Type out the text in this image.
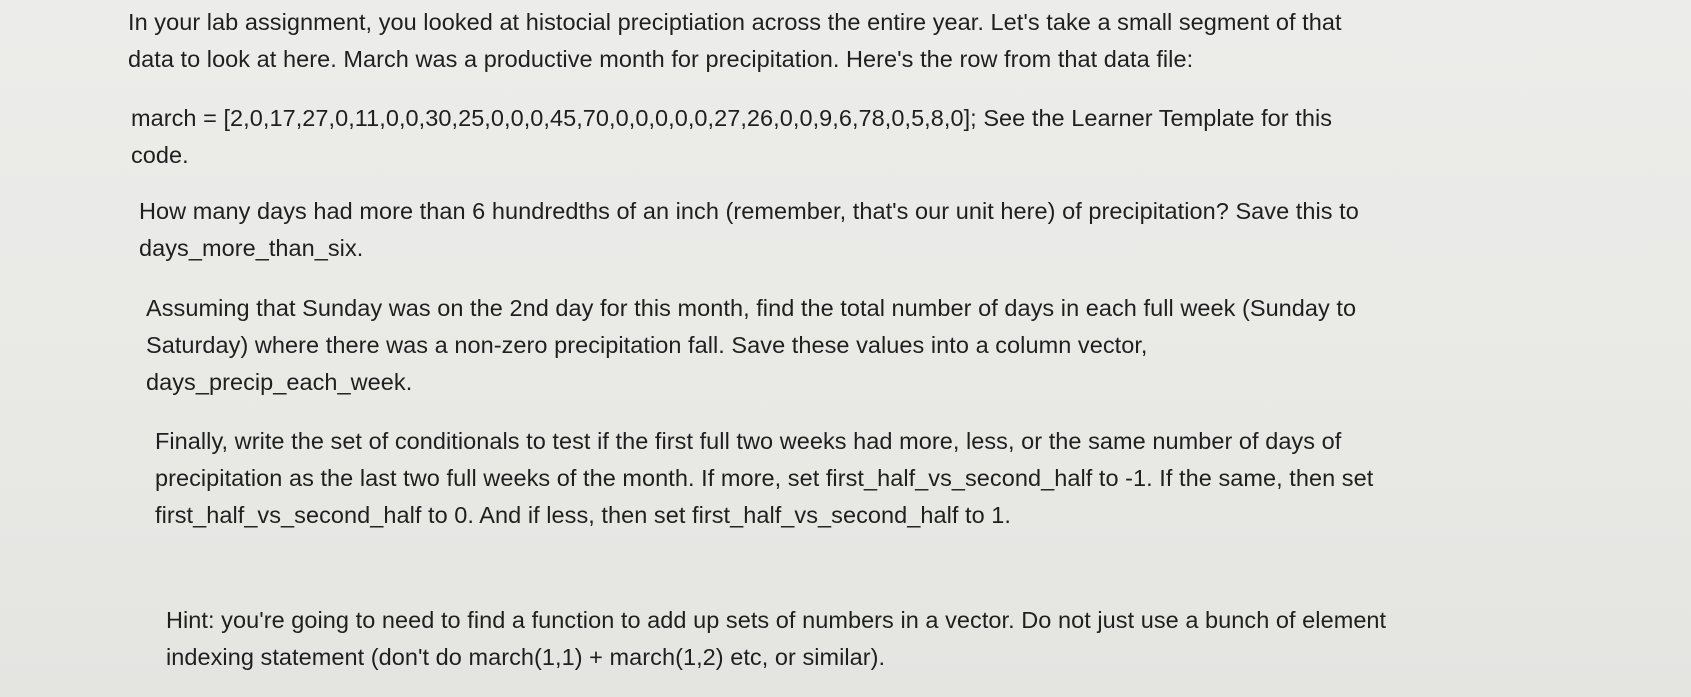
In your lab assignment, you looked at histocial preciptiation across the entire year. Let's take a small segment of that
data to look at here. March was a productive month for precipitation. Here's the row from that data file:

march = [2,0,17,27,0,11,0,0,30,25,0,0,0,45,70,0,0,0,0,0,27,26,0,0,9,6,78,0,5,8,0]; See the Learner Template for this
code.

How many days had more than 6 hundredths of an inch (remember, that's our unit here) of precipitation? Save this to
days_more_than_six.

Assuming that Sunday was on the 2nd day for this month, find the total number of days in each full week (Sunday to
Saturday) where there was a non-zero precipitation fall. Save these values into a column vector,
days_precip_each_week.

Finally, write the set of conditionals to test if the first full two weeks had more, less, or the same number of days of
precipitation as the last two full weeks of the month. If more, set first_half_vs_second_half to -1. If the same, then set
first_half_vs_second_half to 0. And if less, then set first_half_vs_second_half to 1.

Hint: you're going to need to find a function to add up sets of numbers in a vector. Do not just use a bunch of element
indexing statement (don't do march(1,1) + march(1,2) etc, or similar).
